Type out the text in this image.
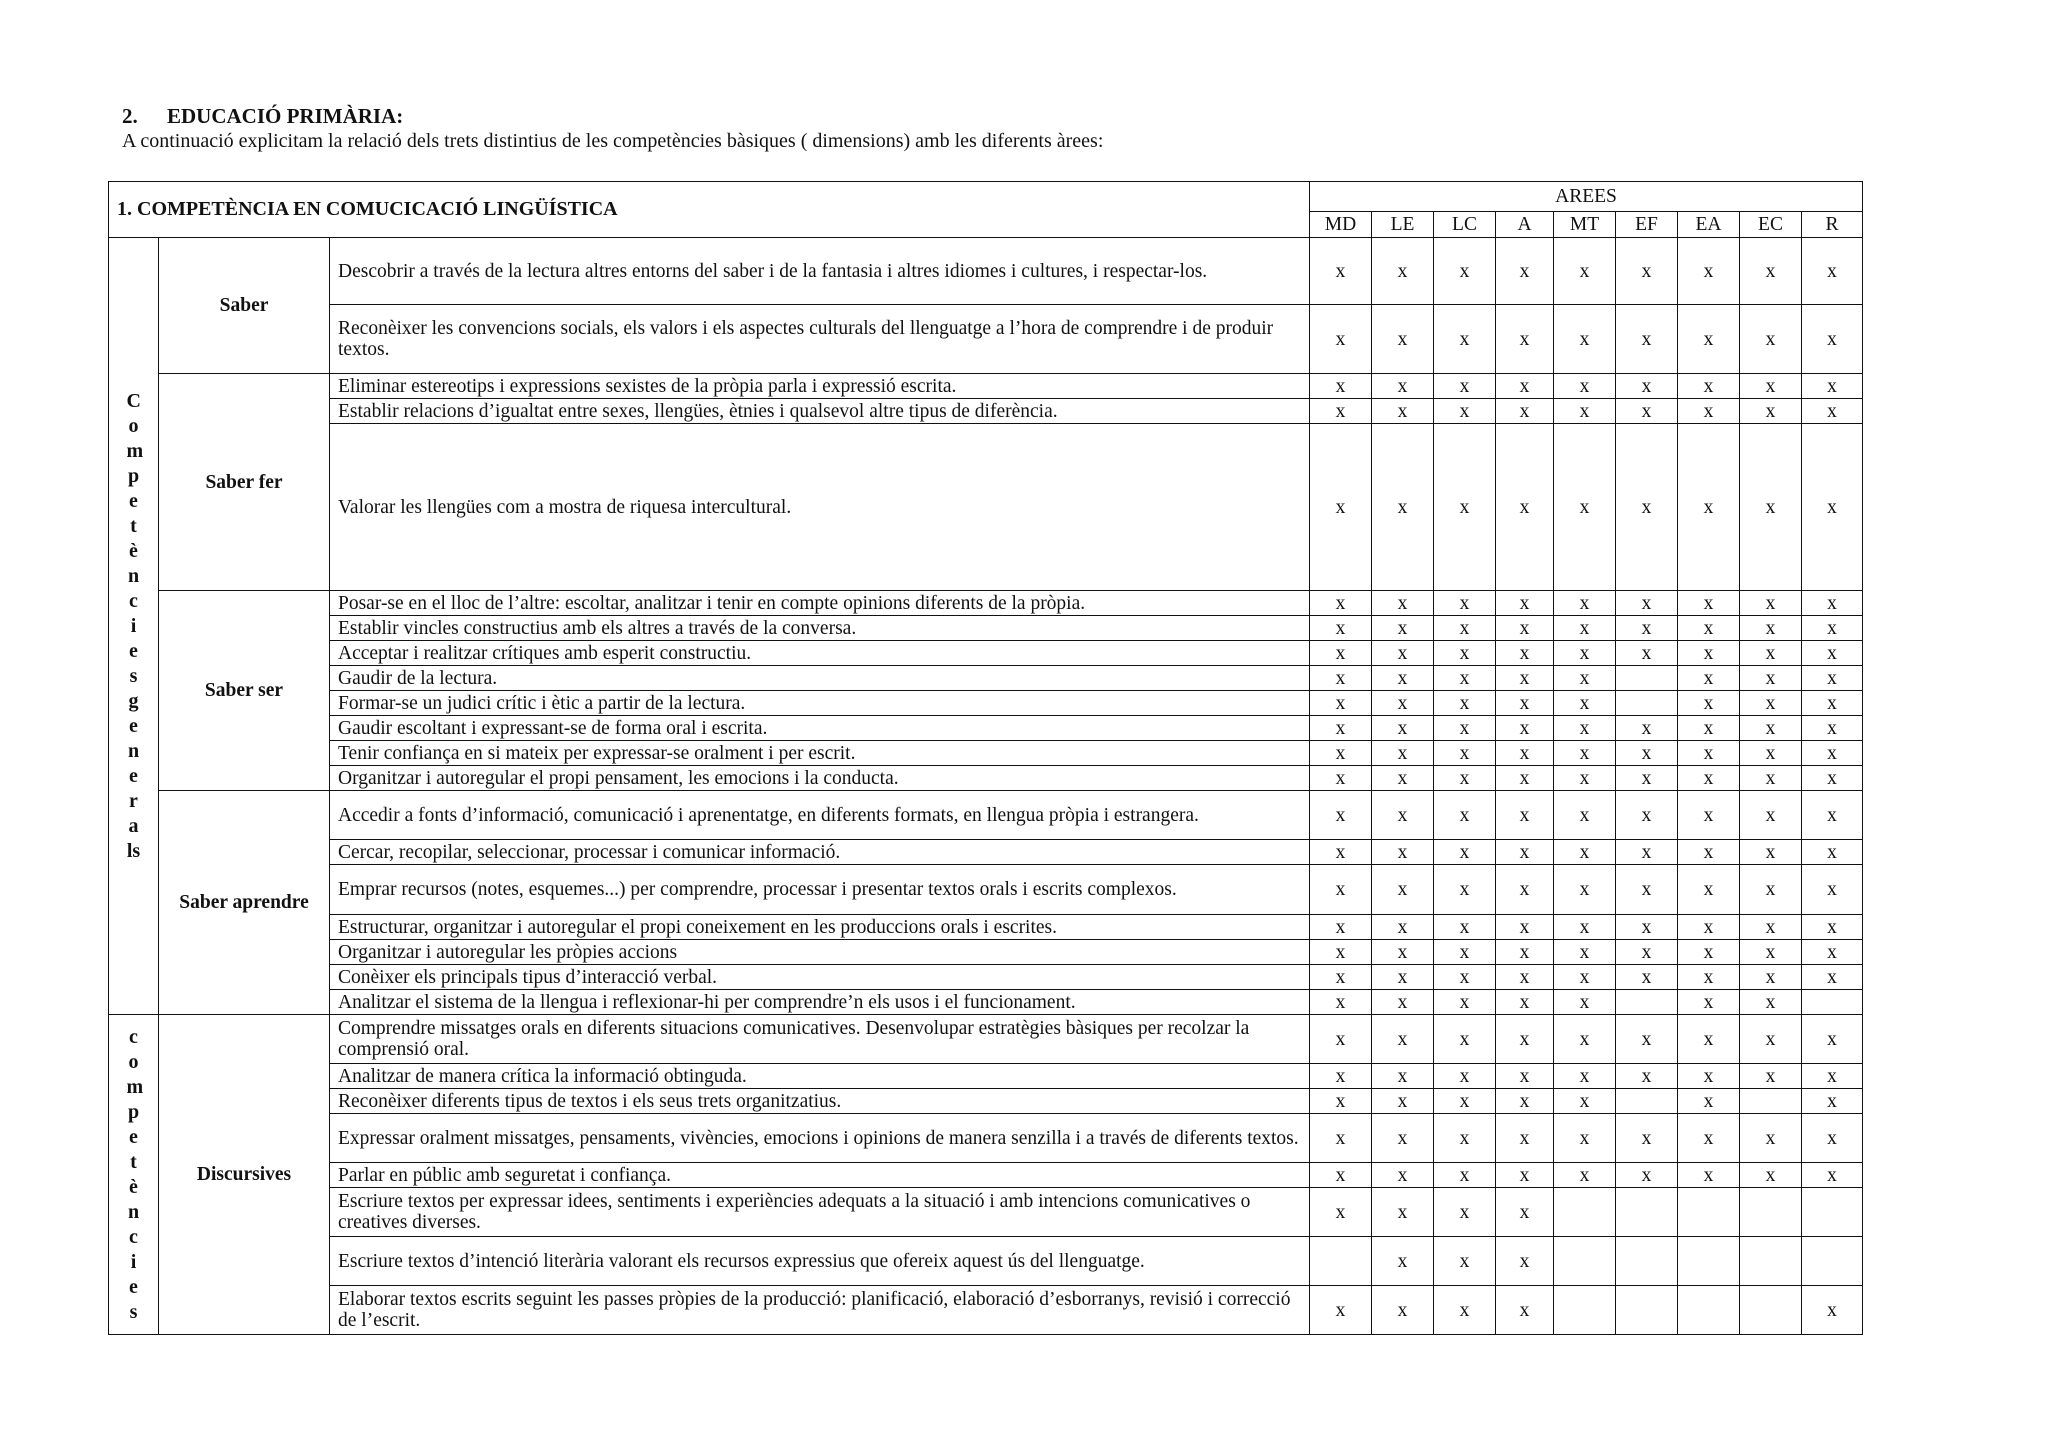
2. EDUCACIÓ PRIMÀRIA:
A continuació explicitam la relació dels trets distintius de les competències bàsiques ( dimensions) amb les diferents àrees:
1. COMPETÈNCIA EN COMUCICACIÓ LINGÜÍSTICA			AREES								
			MD	LE	LC	A	MT	EF	EA	EC	R
Competències generals	Saber	Descobrir a través de la lectura altres entorns del saber i de la fantasia i altres idiomes i cultures, i respectar-los.	x	x	x	x	x	x	x	x	x
		Reconèixer les convencions socials, els valors i els aspectes culturals del llenguatge a l’hora de comprendre i de produir textos.	x	x	x	x	x	x	x	x	x
	Saber fer	Eliminar estereotips i expressions sexistes de la pròpia parla i expressió escrita.	x	x	x	x	x	x	x	x	x
		Establir relacions d’igualtat entre sexes, llengües, ètnies i qualsevol altre tipus de diferència.	x	x	x	x	x	x	x	x	x
		Valorar les llengües com a mostra de riquesa intercultural.	x	x	x	x	x	x	x	x	x
	Saber ser	Posar-se en el lloc de l’altre: escoltar, analitzar i tenir en compte opinions diferents de la pròpia.	x	x	x	x	x	x	x	x	x
		Establir vincles constructius amb els altres a través de la conversa.	x	x	x	x	x	x	x	x	x
		Acceptar i realitzar crítiques amb esperit constructiu.	x	x	x	x	x	x	x	x	x
		Gaudir de la lectura.	x	x	x	x	x		x	x	x
		Formar-se un judici crític i ètic a partir de la lectura.	x	x	x	x	x		x	x	x
		Gaudir escoltant i expressant-se de forma oral i escrita.	x	x	x	x	x	x	x	x	x
		Tenir confiança en si mateix per expressar-se oralment i per escrit.	x	x	x	x	x	x	x	x	x
		Organitzar i autoregular el propi pensament, les emocions i la conducta.	x	x	x	x	x	x	x	x	x
	Saber aprendre	Accedir a fonts d’informació, comunicació i aprenentatge, en diferents formats, en llengua pròpia i estrangera.	x	x	x	x	x	x	x	x	x
		Cercar, recopilar, seleccionar, processar i comunicar informació.	x	x	x	x	x	x	x	x	x
		Emprar recursos (notes, esquemes...) per comprendre, processar i presentar textos orals i escrits complexos.	x	x	x	x	x	x	x	x	x
		Estructurar, organitzar i autoregular el propi coneixement en les produccions orals i escrites.	x	x	x	x	x	x	x	x	x
		Organitzar i autoregular les pròpies accions	x	x	x	x	x	x	x	x	x
		Conèixer els principals tipus d’interacció verbal.	x	x	x	x	x	x	x	x	x
		Analitzar el sistema de la llengua i reflexionar-hi per comprendre’n els usos i el funcionament.	x	x	x	x	x		x	x	
competències	Discursives	Comprendre missatges orals en diferents situacions comunicatives. Desenvolupar estratègies bàsiques per recolzar la comprensió oral.	x	x	x	x	x	x	x	x	x
		Analitzar de manera crítica la informació obtinguda.	x	x	x	x	x	x	x	x	x
		Reconèixer diferents tipus de textos i els seus trets organitzatius.	x	x	x	x	x		x		x
		Expressar oralment missatges, pensaments, vivències, emocions i opinions de manera senzilla i a través de diferents textos.	x	x	x	x	x	x	x	x	x
		Parlar en públic amb seguretat i confiança.	x	x	x	x	x	x	x	x	x
		Escriure textos per expressar idees, sentiments i experiències adequats a la situació i amb intencions comunicatives o creatives diverses.	x	x	x	x					
		Escriure textos d’intenció literària valorant els recursos expressius que ofereix aquest ús del llenguatge.		x	x	x					
		Elaborar textos escrits seguint les passes pròpies de la producció: planificació, elaboració d’esborranys, revisió i correcció de l’escrit.	x	x	x	x					x
